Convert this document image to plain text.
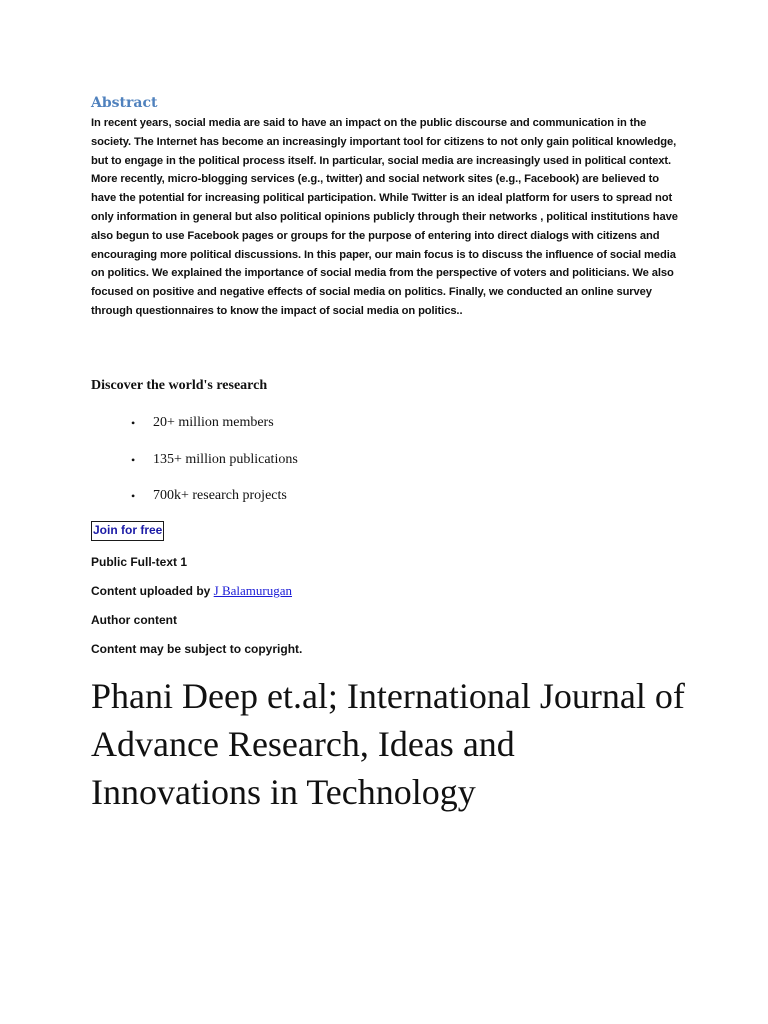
Abstract

In recent years, social media are said to have an impact on the public discourse and communication in the society. The Internet has become an increasingly important tool for citizens to not only gain political knowledge, but to engage in the political process itself. In particular, social media are increasingly used in political context. More recently, micro-blogging services (e.g., twitter) and social network sites (e.g., Facebook) are believed to have the potential for increasing political participation. While Twitter is an ideal platform for users to spread not only information in general but also political opinions publicly through their networks , political institutions have also begun to use Facebook pages or groups for the purpose of entering into direct dialogs with citizens and encouraging more political discussions. In this paper, our main focus is to discuss the influence of social media on politics. We explained the importance of social media from the perspective of voters and politicians. We also focused on positive and negative effects of social media on politics. Finally, we conducted an online survey through questionnaires to know the impact of social media on politics..

Discover the world's research
• 20+ million members
• 135+ million publications
• 700k+ research projects
Join for free
Public Full-text 1
Content uploaded by J Balamurugan
Author content
Content may be subject to copyright.
Phani Deep et.al; International Journal of Advance Research, Ideas and Innovations in Technology
